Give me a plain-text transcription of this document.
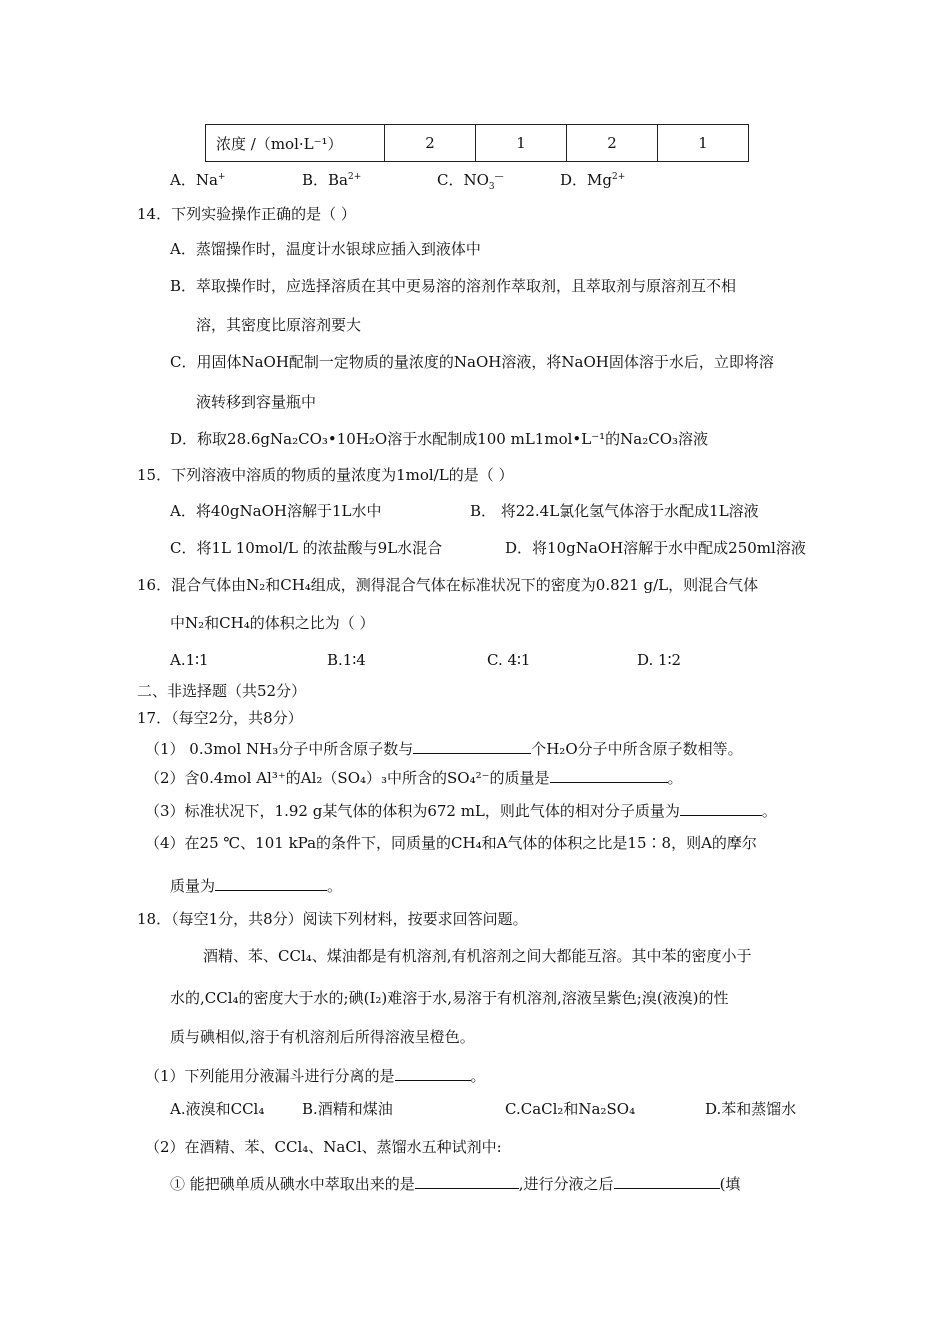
浓度 /（mol·L⁻¹）	2	1	2	1
A．Na+	B．$Ba^{2+}$	C．$NO_3^—$	D．$Mg^{2+}$
14．下列实验操作正确的是（ ）
A．蒸馏操作时，温度计水银球应插入到液体中
B．萃取操作时，应选择溶质在其中更易溶的溶剂作萃取剂，且萃取剂与原溶剂互不相
溶，其密度比原溶剂要大
C．用固体NaOH配制一定物质的量浓度的NaOH溶液，将NaOH固体溶于水后，立即将溶
液转移到容量瓶中
D．称取28.6gNa₂CO₃•10H₂O溶于水配制成100 mL1mol•L⁻¹的Na₂CO₃溶液
15．下列溶液中溶质的物质的量浓度为1mol/L的是（ ）
A．将40gNaOH溶解于1L水中	B． 将22.4L氯化氢气体溶于水配成1L溶液
C．将1L 10mol/L 的浓盐酸与9L水混合	D．将10gNaOH溶解于水中配成250ml溶液
16．混合气体由N₂和CH₄组成，测得混合气体在标准状况下的密度为0.821 g/L，则混合气体
中N₂和CH₄的体积之比为（ ）
A.1∶1	B.1∶4	C. 4∶1	D. 1∶2
二、非选择题（共52分）
17．（每空2分，共8分）
（1） 0.3mol NH₃分子中所含原子数与	个H₂O分子中所含原子数相等。
（2）含0.4mol Al³⁺的Al₂（SO₄）₃中所含的SO₄²⁻的质量是	。
（3）标准状况下，1.92 g某气体的体积为672 mL，则此气体的相对分子质量为	。
（4）在25 ℃、101 kPa的条件下，同质量的CH₄和A气体的体积之比是15∶8，则A的摩尔
质量为	。
18．（每空1分，共8分）阅读下列材料，按要求回答问题。
酒精、苯、CCl₄、煤油都是有机溶剂,有机溶剂之间大都能互溶。其中苯的密度小于
水的,CCl₄的密度大于水的;碘(I₂)难溶于水,易溶于有机溶剂,溶液呈紫色;溴(液溴)的性
质与碘相似,溶于有机溶剂后所得溶液呈橙色。
（1）下列能用分液漏斗进行分离的是	。
A.液溴和CCl₄	B.酒精和煤油	C.CaCl₂和Na₂SO₄	D.苯和蒸馏水
（2）在酒精、苯、CCl₄、NaCl、蒸馏水五种试剂中:
① 能把碘单质从碘水中萃取出来的是	,进行分液之后	(填
